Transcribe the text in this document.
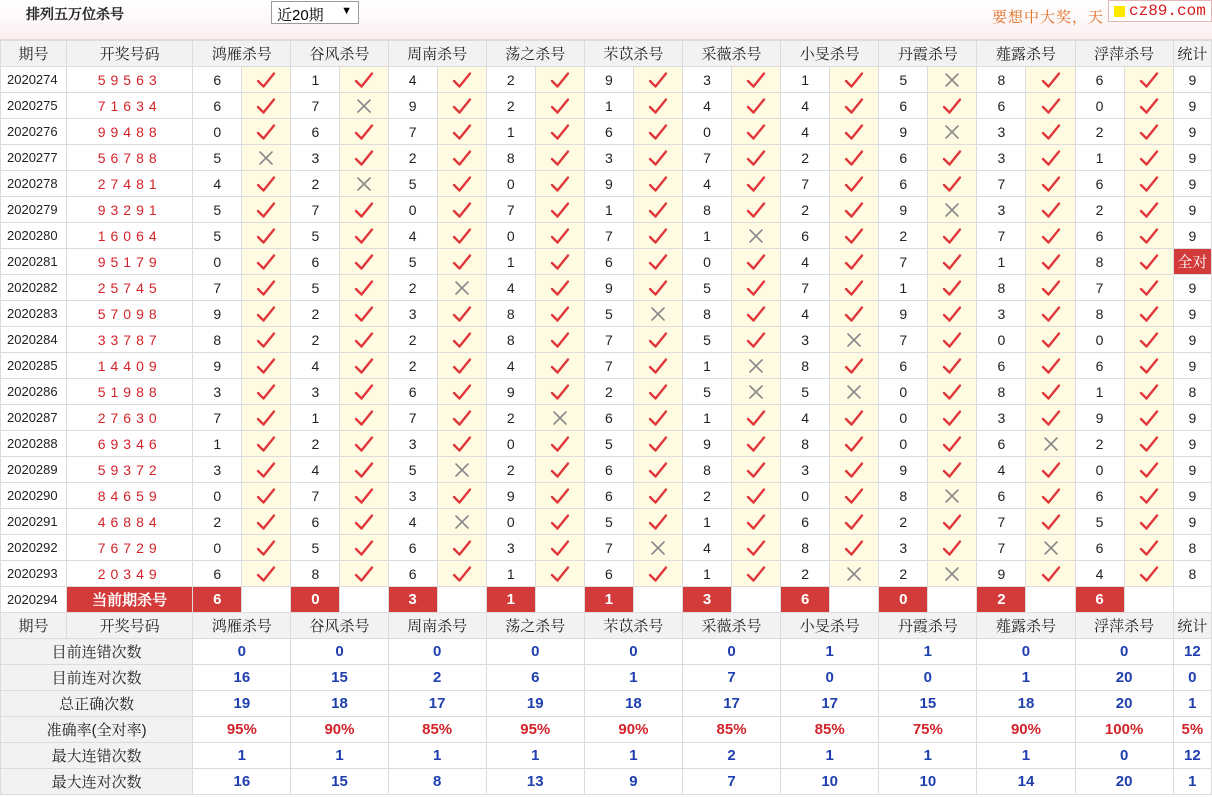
排列五万位杀号	近20期 ▼	要想中大奖，天	cz89.com
期号	开奖号码	鸿雁杀号		谷风杀号		周南杀号		荡之杀号		芣苡杀号		采薇杀号		小旻杀号		丹霞杀号		薤露杀号		浮萍杀号		统计
2020274	59563	6		1		4		2		9		3		1		5		8		6		9
2020275	71634	6		7		9		2		1		4		4		6		6		0		9
2020276	99488	0		6		7		1		6		0		4		9		3		2		9
2020277	56788	5		3		2		8		3		7		2		6		3		1		9
2020278	27481	4		2		5		0		9		4		7		6		7		6		9
2020279	93291	5		7		0		7		1		8		2		9		3		2		9
2020280	16064	5		5		4		0		7		1		6		2		7		6		9
2020281	95179	0		6		5		1		6		0		4		7		1		8		全对
2020282	25745	7		5		2		4		9		5		7		1		8		7		9
2020283	57098	9		2		3		8		5		8		4		9		3		8		9
2020284	33787	8		2		2		8		7		5		3		7		0		0		9
2020285	14409	9		4		2		4		7		1		8		6		6		6		9
2020286	51988	3		3		6		9		2		5		5		0		8		1		8
2020287	27630	7		1		7		2		6		1		4		0		3		9		9
2020288	69346	1		2		3		0		5		9		8		0		6		2		9
2020289	59372	3		4		5		2		6		8		3		9		4		0		9
2020290	84659	0		7		3		9		6		2		0		8		6		6		9
2020291	46884	2		6		4		0		5		1		6		2		7		5		9
2020292	76729	0		5		6		3		7		4		8		3		7		6		8
2020293	20349	6		8		6		1		6		1		2		2		9		4		8
2020294	当前期杀号	6		0		3		1		1		3		6		0		2		6		
期号	开奖号码	鸿雁杀号		谷风杀号		周南杀号		荡之杀号		芣苡杀号		采薇杀号		小旻杀号		丹霞杀号		薤露杀号		浮萍杀号		统计
目前连错次数		0		0		0		0		0		0		1		1		0		0		12
目前连对次数		16		15		2		6		1		7		0		0		1		20		0
总正确次数		19		18		17		19		18		17		17		15		18		20		1
准确率(全对率)		95%		90%		85%		95%		90%		85%		85%		75%		90%		100%		5%
最大连错次数		1		1		1		1		1		2		1		1		1		0		12
最大连对次数		16		15		8		13		9		7		10		10		14		20		1
